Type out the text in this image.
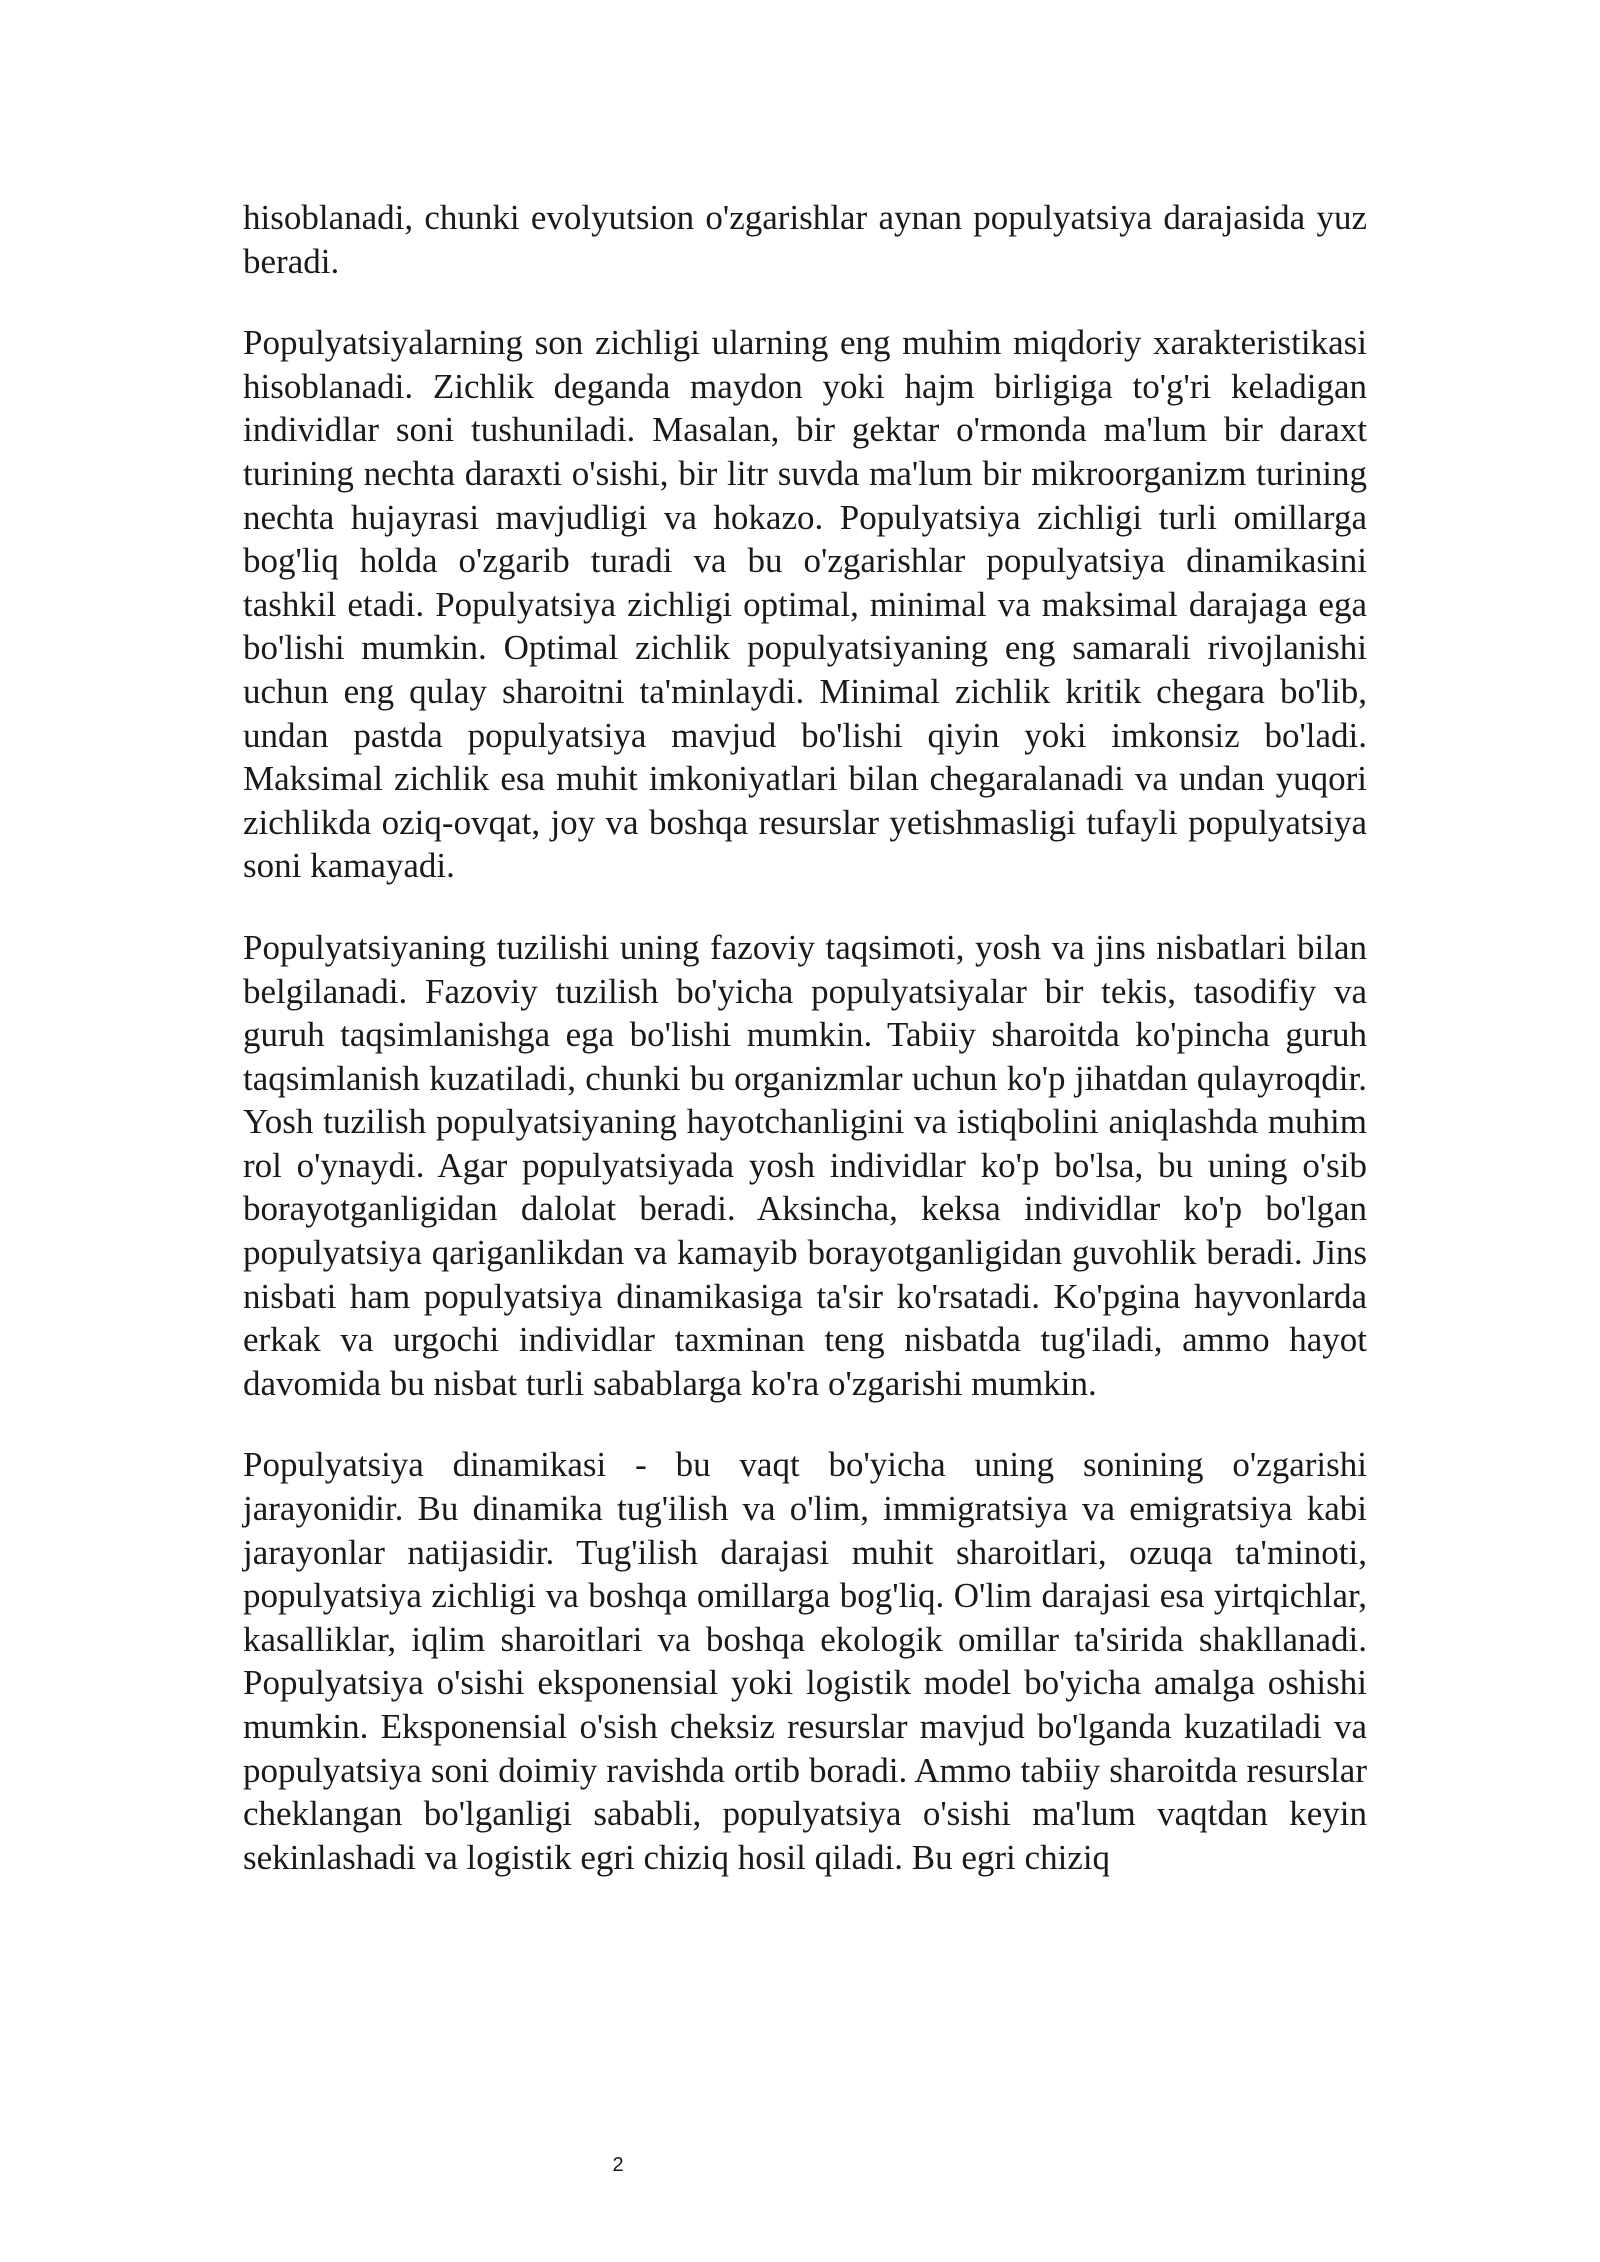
hisoblanadi, chunki evolyutsion o'zgarishlar aynan populyatsiya darajasida yuz beradi.

Populyatsiyalarning son zichligi ularning eng muhim miqdoriy xarakteristikasi hisoblanadi. Zichlik deganda maydon yoki hajm birligiga to'g'ri keladigan individlar soni tushuniladi. Masalan, bir gektar o'rmonda ma'lum bir daraxt turining nechta daraxti o'sishi, bir litr suvda ma'lum bir mikroorganizm turining nechta hujayrasi mavjudligi va hokazo. Populyatsiya zichligi turli omillarga bog'liq holda o'zgarib turadi va bu o'zgarishlar populyatsiya dinamikasini tashkil etadi. Populyatsiya zichligi optimal, minimal va maksimal darajaga ega bo'lishi mumkin. Optimal zichlik populyatsiyaning eng samarali rivojlanishi uchun eng qulay sharoitni ta'minlaydi. Minimal zichlik kritik chegara bo'lib, undan pastda populyatsiya mavjud bo'lishi qiyin yoki imkonsiz bo'ladi. Maksimal zichlik esa muhit imkoniyatlari bilan chegaralanadi va undan yuqori zichlikda oziq-ovqat, joy va boshqa resurslar yetishmasligi tufayli populyatsiya soni kamayadi.

Populyatsiyaning tuzilishi uning fazoviy taqsimoti, yosh va jins nisbatlari bilan belgilanadi. Fazoviy tuzilish bo'yicha populyatsiyalar bir tekis, tasodifiy va guruh taqsimlanishga ega bo'lishi mumkin. Tabiiy sharoitda ko'pincha guruh taqsimlanish kuzatiladi, chunki bu organizmlar uchun ko'p jihatdan qulayroqdir. Yosh tuzilish populyatsiyaning hayotchanligini va istiqbolini aniqlashda muhim rol o'ynaydi. Agar populyatsiyada yosh individlar ko'p bo'lsa, bu uning o'sib borayotganligidan dalolat beradi. Aksincha, keksa individlar ko'p bo'lgan populyatsiya qariganlikdan va kamayib borayotganligidan guvohlik beradi. Jins nisbati ham populyatsiya dinamikasiga ta'sir ko'rsatadi. Ko'pgina hayvonlarda erkak va urgochi individlar taxminan teng nisbatda tug'iladi, ammo hayot davomida bu nisbat turli sabablarga ko'ra o'zgarishi mumkin.

Populyatsiya dinamikasi - bu vaqt bo'yicha uning sonining o'zgarishi jarayonidir. Bu dinamika tug'ilish va o'lim, immigratsiya va emigratsiya kabi jarayonlar natijasidir. Tug'ilish darajasi muhit sharoitlari, ozuqa ta'minoti, populyatsiya zichligi va boshqa omillarga bog'liq. O'lim darajasi esa yirtqichlar, kasalliklar, iqlim sharoitlari va boshqa ekologik omillar ta'sirida shakllanadi. Populyatsiya o'sishi eksponensial yoki logistik model bo'yicha amalga oshishi mumkin. Eksponensial o'sish cheksiz resurslar mavjud bo'lganda kuzatiladi va populyatsiya soni doimiy ravishda ortib boradi. Ammo tabiiy sharoitda resurslar cheklangan bo'lganligi sababli, populyatsiya o'sishi ma'lum vaqtdan keyin sekinlashadi va logistik egri chiziq hosil qiladi. Bu egri chiziq

2
